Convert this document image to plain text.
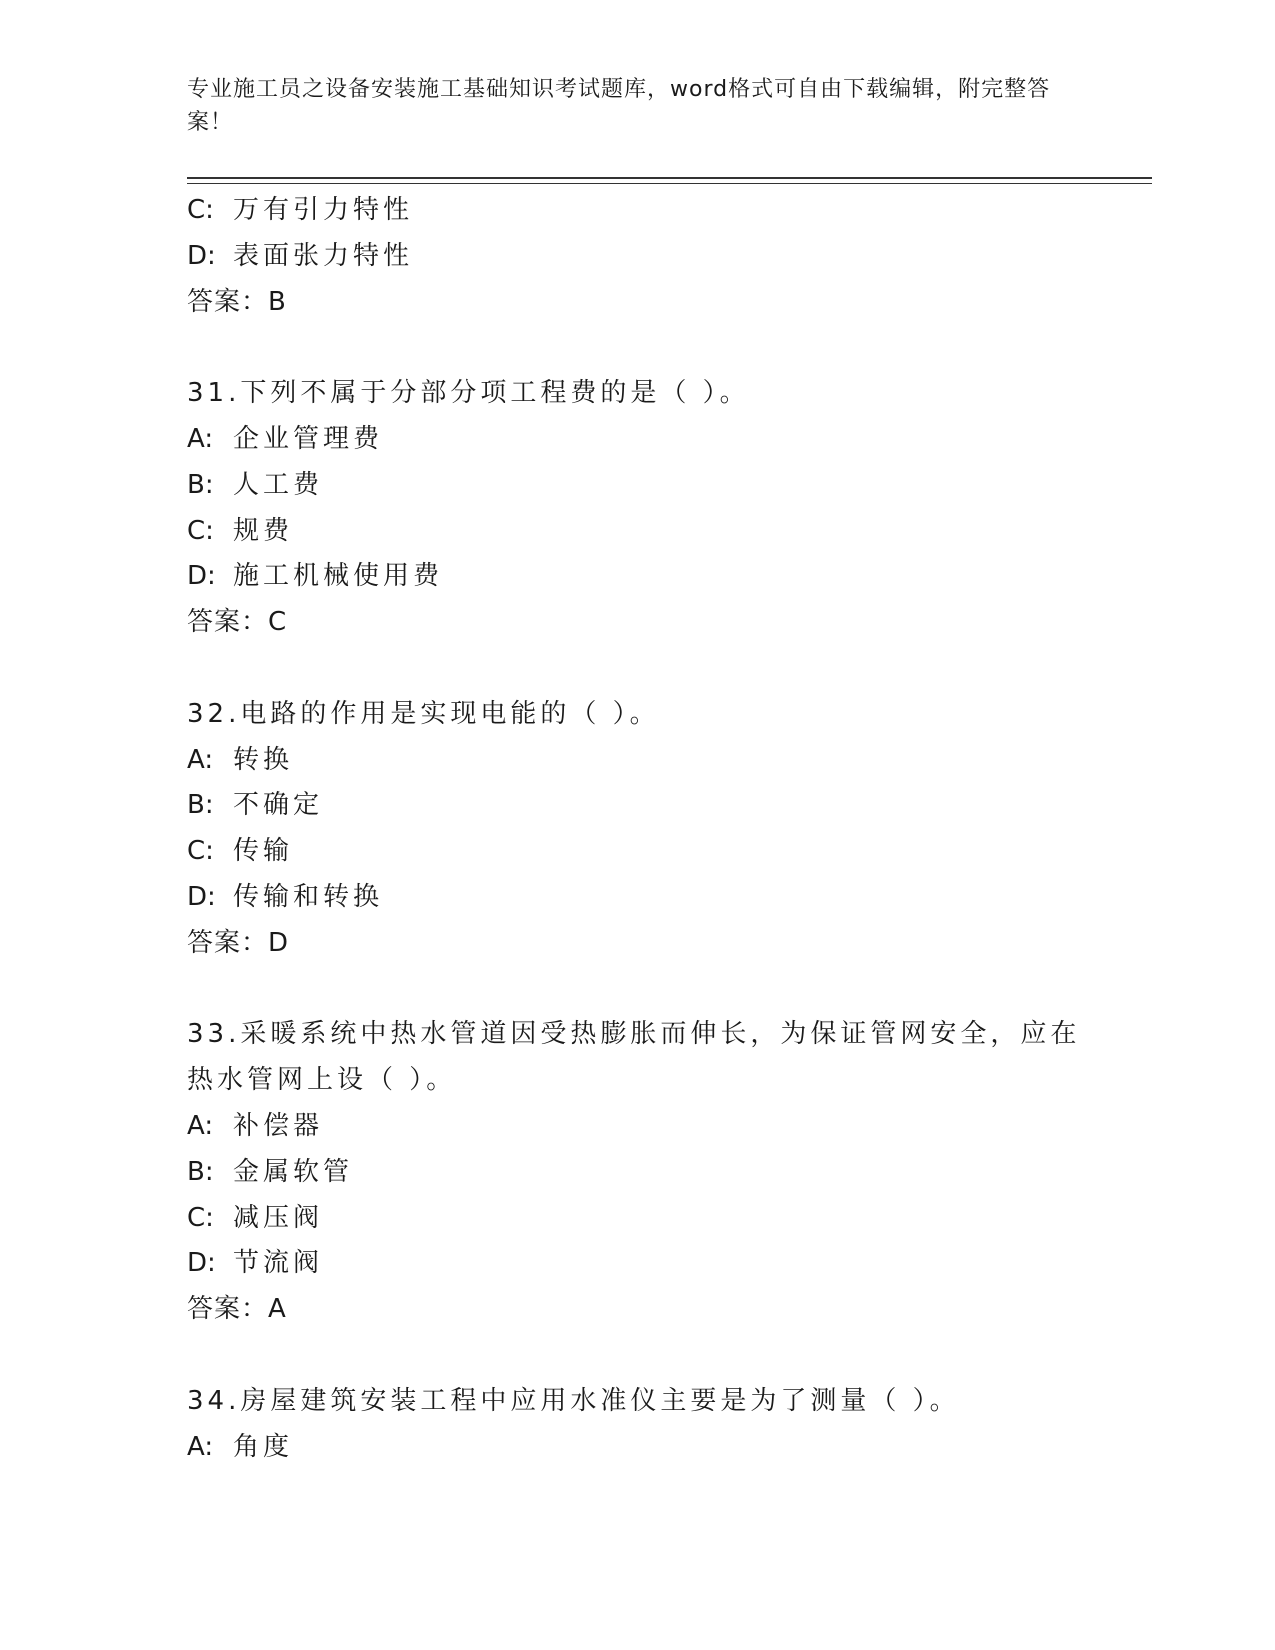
专业施工员之设备安装施工基础知识考试题库，word格式可自由下载编辑，附完整答案！

C: 万有引力特性
D: 表面张力特性
答案：B
31.下列不属于分部分项工程费的是（ ）。
A: 企业管理费
B: 人工费
C: 规费
D: 施工机械使用费
答案：C
32.电路的作用是实现电能的（ ）。
A: 转换
B: 不确定
C: 传输
D: 传输和转换
答案：D
33.采暖系统中热水管道因受热膨胀而伸长，为保证管网安全，应在热水管网上设（ ）。
A: 补偿器
B: 金属软管
C: 减压阀
D: 节流阀
答案：A
34.房屋建筑安装工程中应用水准仪主要是为了测量（ ）。
A: 角度
